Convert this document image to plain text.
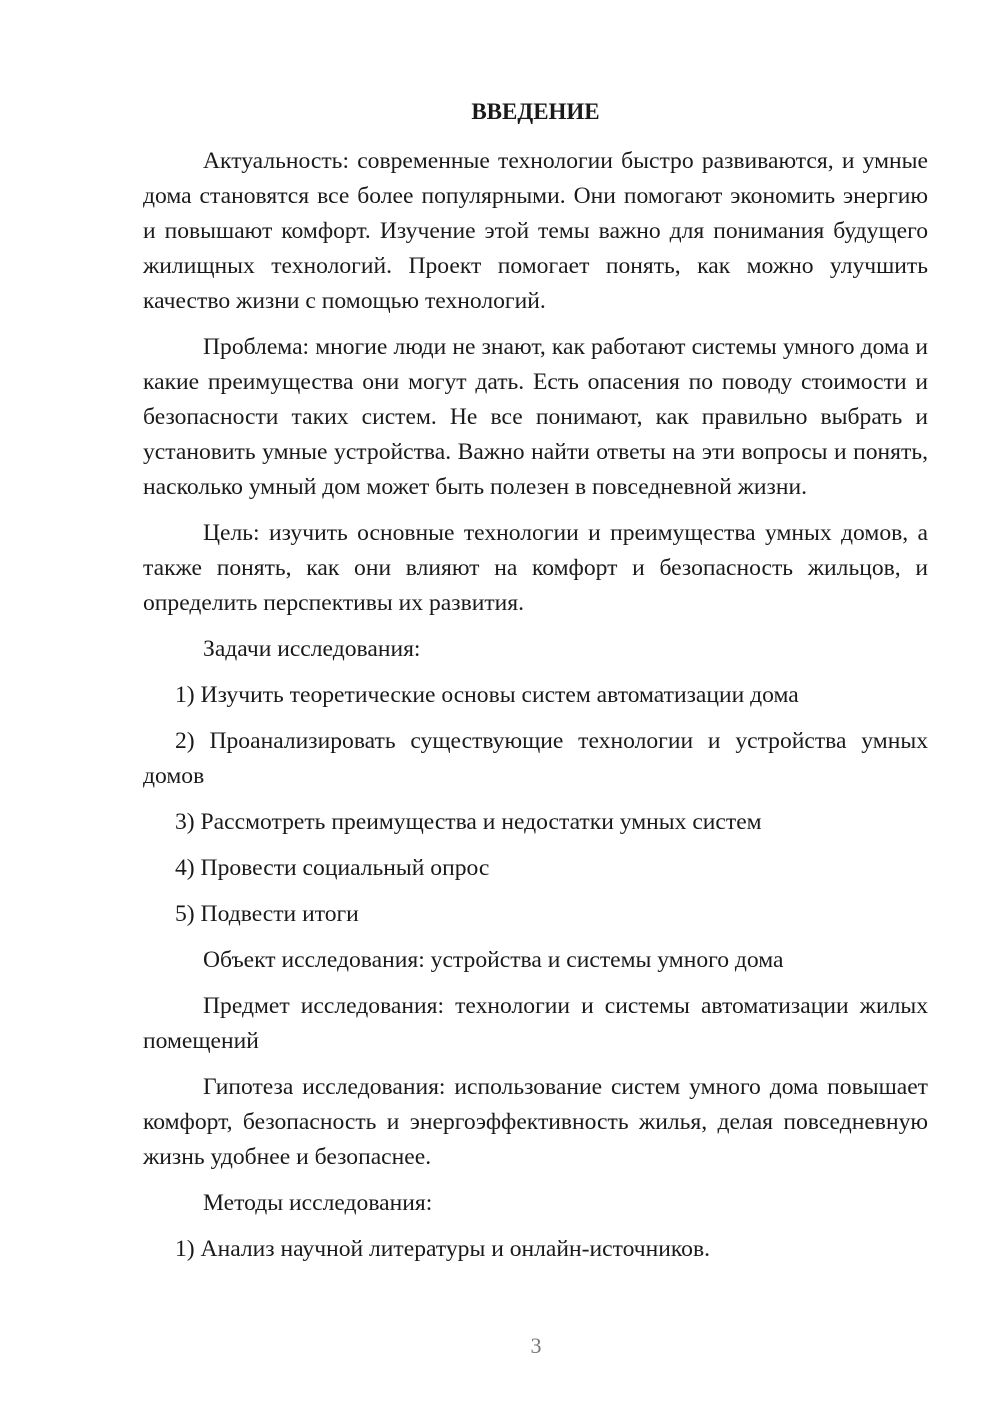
ВВЕДЕНИЕ

Актуальность: современные технологии быстро развиваются, и умные дома становятся все более популярными. Они помогают экономить энергию и повышают комфорт. Изучение этой темы важно для понимания будущего жилищных технологий. Проект помогает понять, как можно улучшить качество жизни с помощью технологий.

Проблема: многие люди не знают, как работают системы умного дома и какие преимущества они могут дать. Есть опасения по поводу стоимости и безопасности таких систем. Не все понимают, как правильно выбрать и установить умные устройства. Важно найти ответы на эти вопросы и понять, насколько умный дом может быть полезен в повседневной жизни.

Цель: изучить основные технологии и преимущества умных домов, а также понять, как они влияют на комфорт и безопасность жильцов, и определить перспективы их развития.

Задачи исследования:

1) Изучить теоретические основы систем автоматизации дома

2) Проанализировать существующие технологии и устройства умных домов

3) Рассмотреть преимущества и недостатки умных систем

4) Провести социальный опрос

5) Подвести итоги

Объект исследования: устройства и системы умного дома

Предмет исследования: технологии и системы автоматизации жилых помещений

Гипотеза исследования: использование систем умного дома повышает комфорт, безопасность и энергоэффективность жилья, делая повседневную жизнь удобнее и безопаснее.

Методы исследования:

1) Анализ научной литературы и онлайн-источников.

3
